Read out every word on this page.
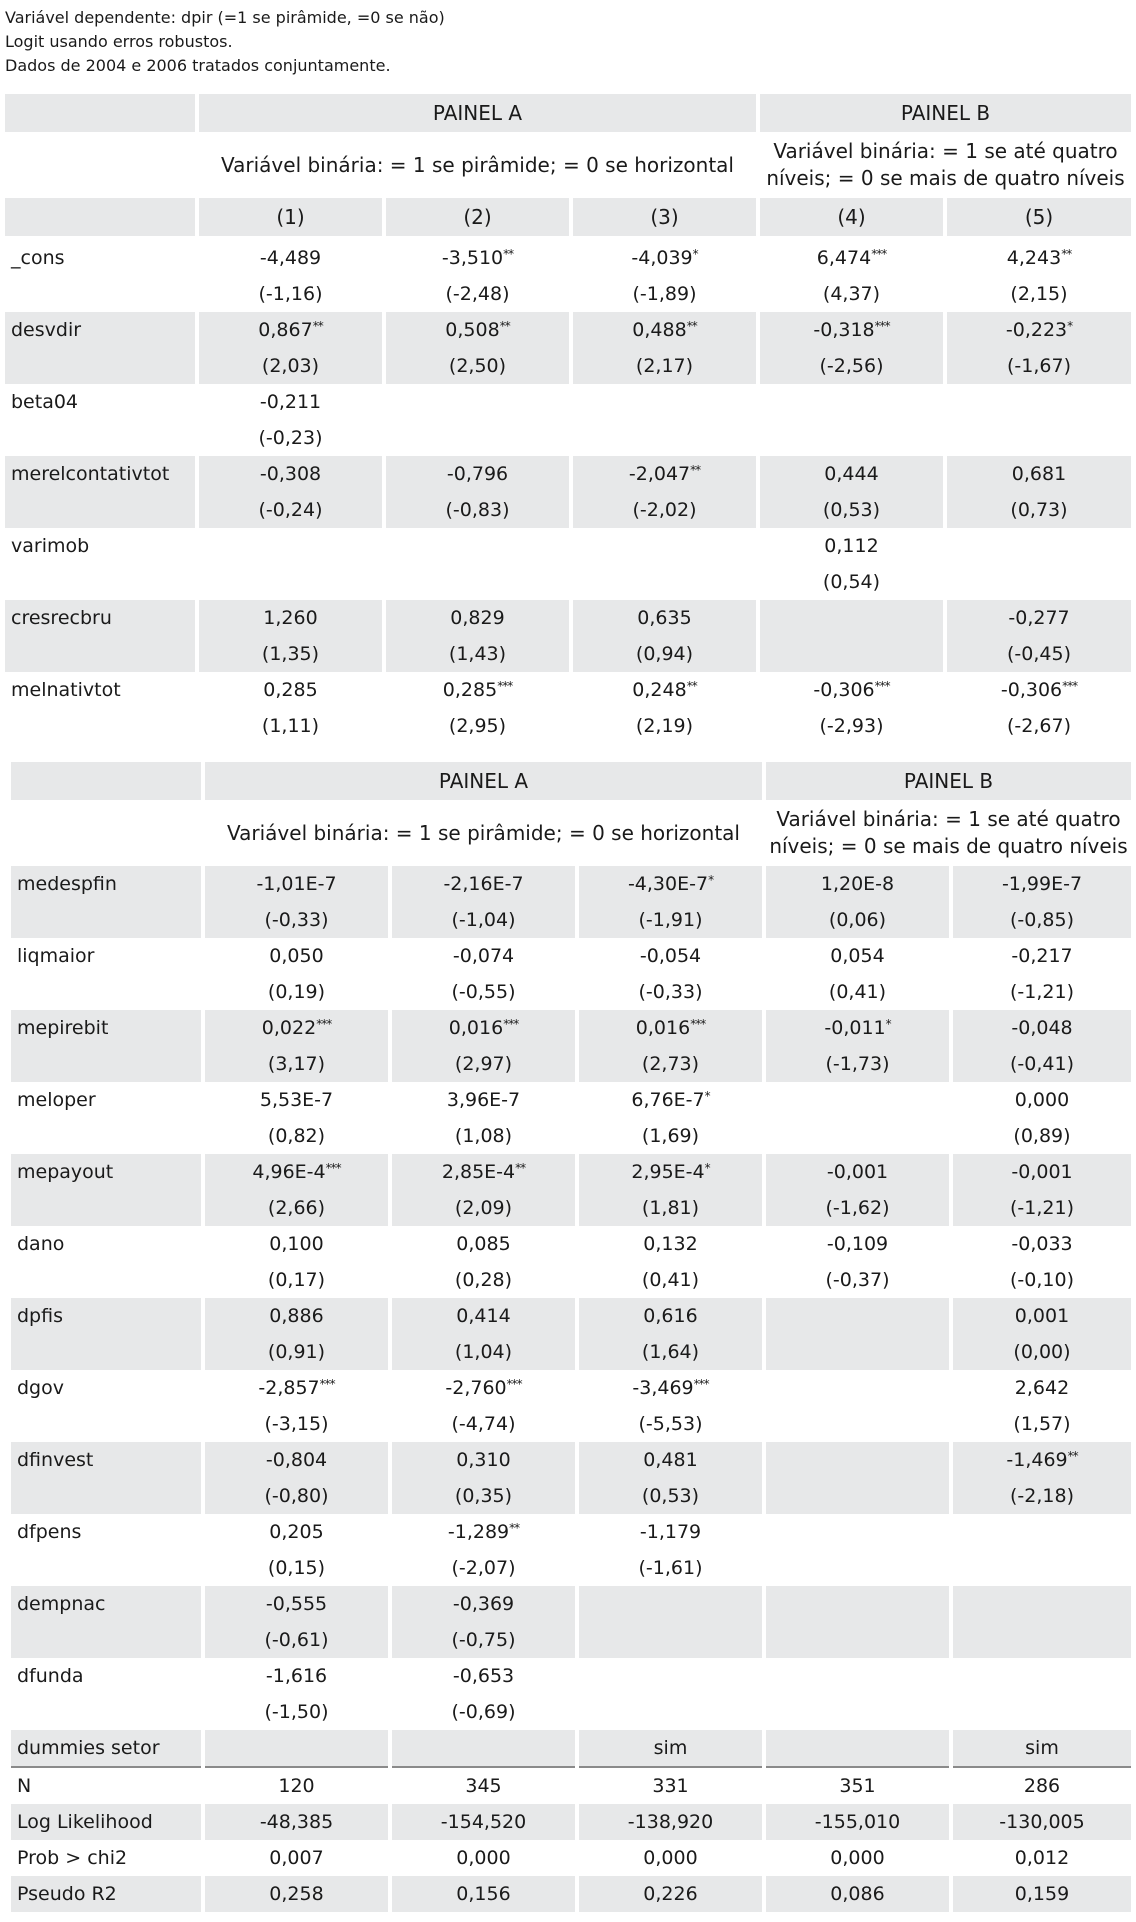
Variável dependente: dpir (=1 se pirâmide, =0 se não)
Logit usando erros robustos.
Dados de 2004 e 2006 tratados conjuntamente.
	PAINEL A			PAINEL B	

	Variável binária: = 1 se pirâmide; = 0 se horizontal			Variável binária: = 1 se até quatro níveis; = 0 se mais de quatro níveis	

	(1)	(2)	(3)	(4)	(5)

_cons	-4,489	-3,510**	-4,039*	6,474***	4,243**
	(-1,16)	(-2,48)	(-1,89)	(4,37)	(2,15)
desvdir	0,867**	0,508**	0,488**	-0,318***	-0,223*
	(2,03)	(2,50)	(2,17)	(-2,56)	(-1,67)
beta04	-0,211				
	(-0,23)				
merelcontativtot	-0,308	-0,796	-2,047**	0,444	0,681
	(-0,24)	(-0,83)	(-2,02)	(0,53)	(0,73)
varimob				0,112	
				(0,54)	
cresrecbru	1,260	0,829	0,635		-0,277
	(1,35)	(1,43)	(0,94)		(-0,45)
melnativtot	0,285	0,285***	0,248**	-0,306***	-0,306***
	(1,11)	(2,95)	(2,19)	(-2,93)	(-2,67)
	PAINEL A			PAINEL B	

	Variável binária: = 1 se pirâmide; = 0 se horizontal			Variável binária: = 1 se até quatro níveis; = 0 se mais de quatro níveis	

medespfin	-1,01E-7	-2,16E-7	-4,30E-7*	1,20E-8	-1,99E-7
	(-0,33)	(-1,04)	(-1,91)	(0,06)	(-0,85)
liqmaior	0,050	-0,074	-0,054	0,054	-0,217
	(0,19)	(-0,55)	(-0,33)	(0,41)	(-1,21)
mepirebit	0,022***	0,016***	0,016***	-0,011*	-0,048
	(3,17)	(2,97)	(2,73)	(-1,73)	(-0,41)
meloper	5,53E-7	3,96E-7	6,76E-7*		0,000
	(0,82)	(1,08)	(1,69)		(0,89)
mepayout	4,96E-4***	2,85E-4**	2,95E-4*	-0,001	-0,001
	(2,66)	(2,09)	(1,81)	(-1,62)	(-1,21)
dano	0,100	0,085	0,132	-0,109	-0,033
	(0,17)	(0,28)	(0,41)	(-0,37)	(-0,10)
dpfis	0,886	0,414	0,616		0,001
	(0,91)	(1,04)	(1,64)		(0,00)
dgov	-2,857***	-2,760***	-3,469***		2,642
	(-3,15)	(-4,74)	(-5,53)		(1,57)
dfinvest	-0,804	0,310	0,481		-1,469**
	(-0,80)	(0,35)	(0,53)		(-2,18)
dfpens	0,205	-1,289**	-1,179		
	(0,15)	(-2,07)	(-1,61)		
dempnac	-0,555	-0,369			
	(-0,61)	(-0,75)			
dfunda	-1,616	-0,653			
	(-1,50)	(-0,69)			
dummies setor			sim		sim
N	120	345	331	351	286
Log Likelihood	-48,385	-154,520	-138,920	-155,010	-130,005
Prob > chi2	0,007	0,000	0,000	0,000	0,012
Pseudo R2	0,258	0,156	0,226	0,086	0,159
